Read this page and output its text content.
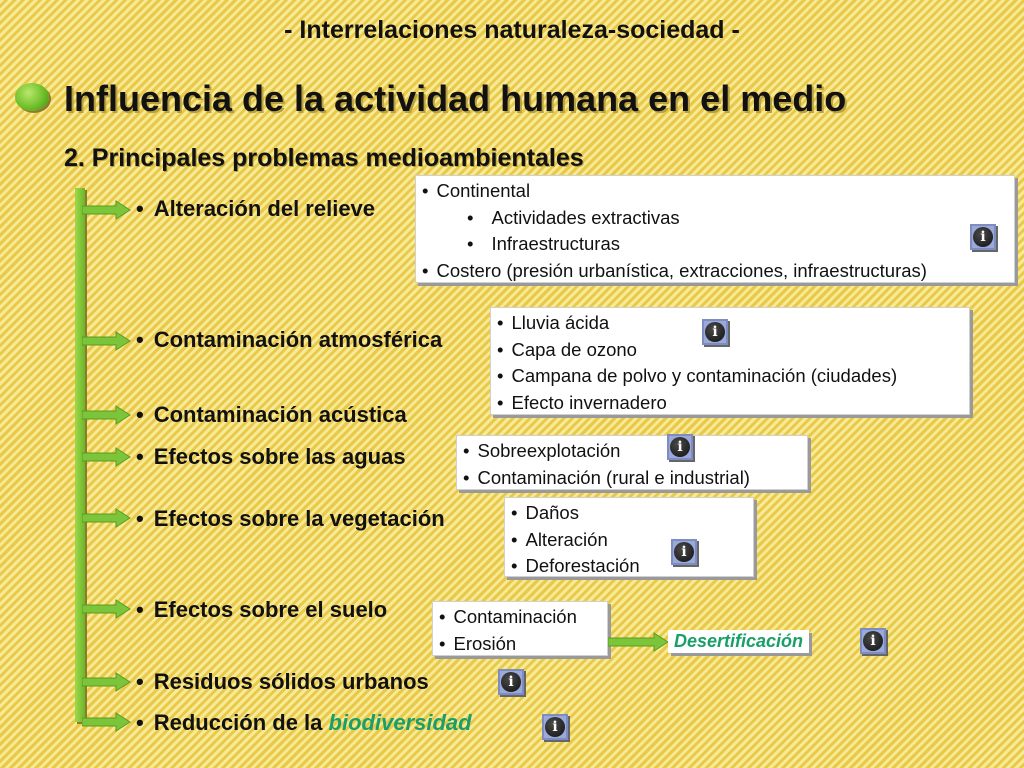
- Interrelaciones naturaleza-sociedad -
Influencia de la actividad humana en el medio
2. Principales problemas medioambientales
• Alteración del relieve
• Contaminación atmosférica
• Contaminación acústica
• Efectos sobre las aguas
• Efectos sobre la vegetación
• Efectos sobre el suelo
• Residuos sólidos urbanos
• Reducción de la biodiversidad
• Continental
• Actividades extractivas
• Infraestructuras
• Costero (presión urbanística, extracciones, infraestructuras)
i
• Lluvia ácida
• Capa de ozono
• Campana de polvo y contaminación (ciudades)
• Efecto invernadero
i
• Sobreexplotación
• Contaminación (rural e industrial)
i
• Daños
• Alteración
• Deforestación
i
• Contaminación
• Erosión	Desertificación	i
i
i
